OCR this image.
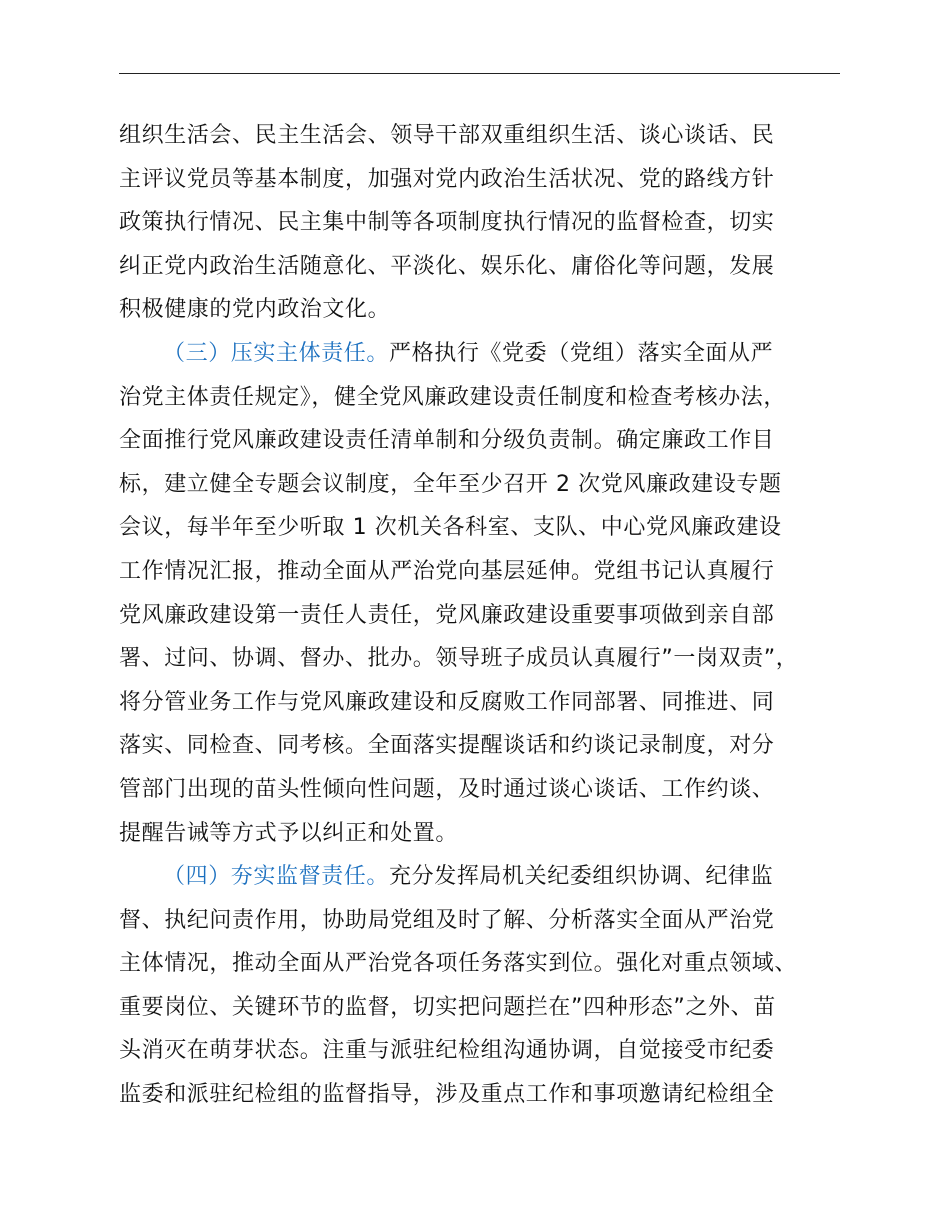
组织生活会、民主生活会、领导干部双重组织生活、谈心谈话、民
主评议党员等基本制度，加强对党内政治生活状况、党的路线方针
政策执行情况、民主集中制等各项制度执行情况的监督检查，切实
纠正党内政治生活随意化、平淡化、娱乐化、庸俗化等问题，发展
积极健康的党内政治文化。
（三）压实主体责任。严格执行《党委（党组）落实全面从严
治党主体责任规定》，健全党风廉政建设责任制度和检查考核办法，
全面推行党风廉政建设责任清单制和分级负责制。确定廉政工作目
标，建立健全专题会议制度，全年至少召开 2 次党风廉政建设专题
会议，每半年至少听取 1 次机关各科室、支队、中心党风廉政建设
工作情况汇报，推动全面从严治党向基层延伸。党组书记认真履行
党风廉政建设第一责任人责任，党风廉政建设重要事项做到亲自部
署、过问、协调、督办、批办。领导班子成员认真履行”一岗双责”，
将分管业务工作与党风廉政建设和反腐败工作同部署、同推进、同
落实、同检查、同考核。全面落实提醒谈话和约谈记录制度，对分
管部门出现的苗头性倾向性问题，及时通过谈心谈话、工作约谈、
提醒告诫等方式予以纠正和处置。
（四）夯实监督责任。充分发挥局机关纪委组织协调、纪律监
督、执纪问责作用，协助局党组及时了解、分析落实全面从严治党
主体情况，推动全面从严治党各项任务落实到位。强化对重点领域、
重要岗位、关键环节的监督，切实把问题拦在”四种形态”之外、苗
头消灭在萌芽状态。注重与派驻纪检组沟通协调，自觉接受市纪委
监委和派驻纪检组的监督指导，涉及重点工作和事项邀请纪检组全
